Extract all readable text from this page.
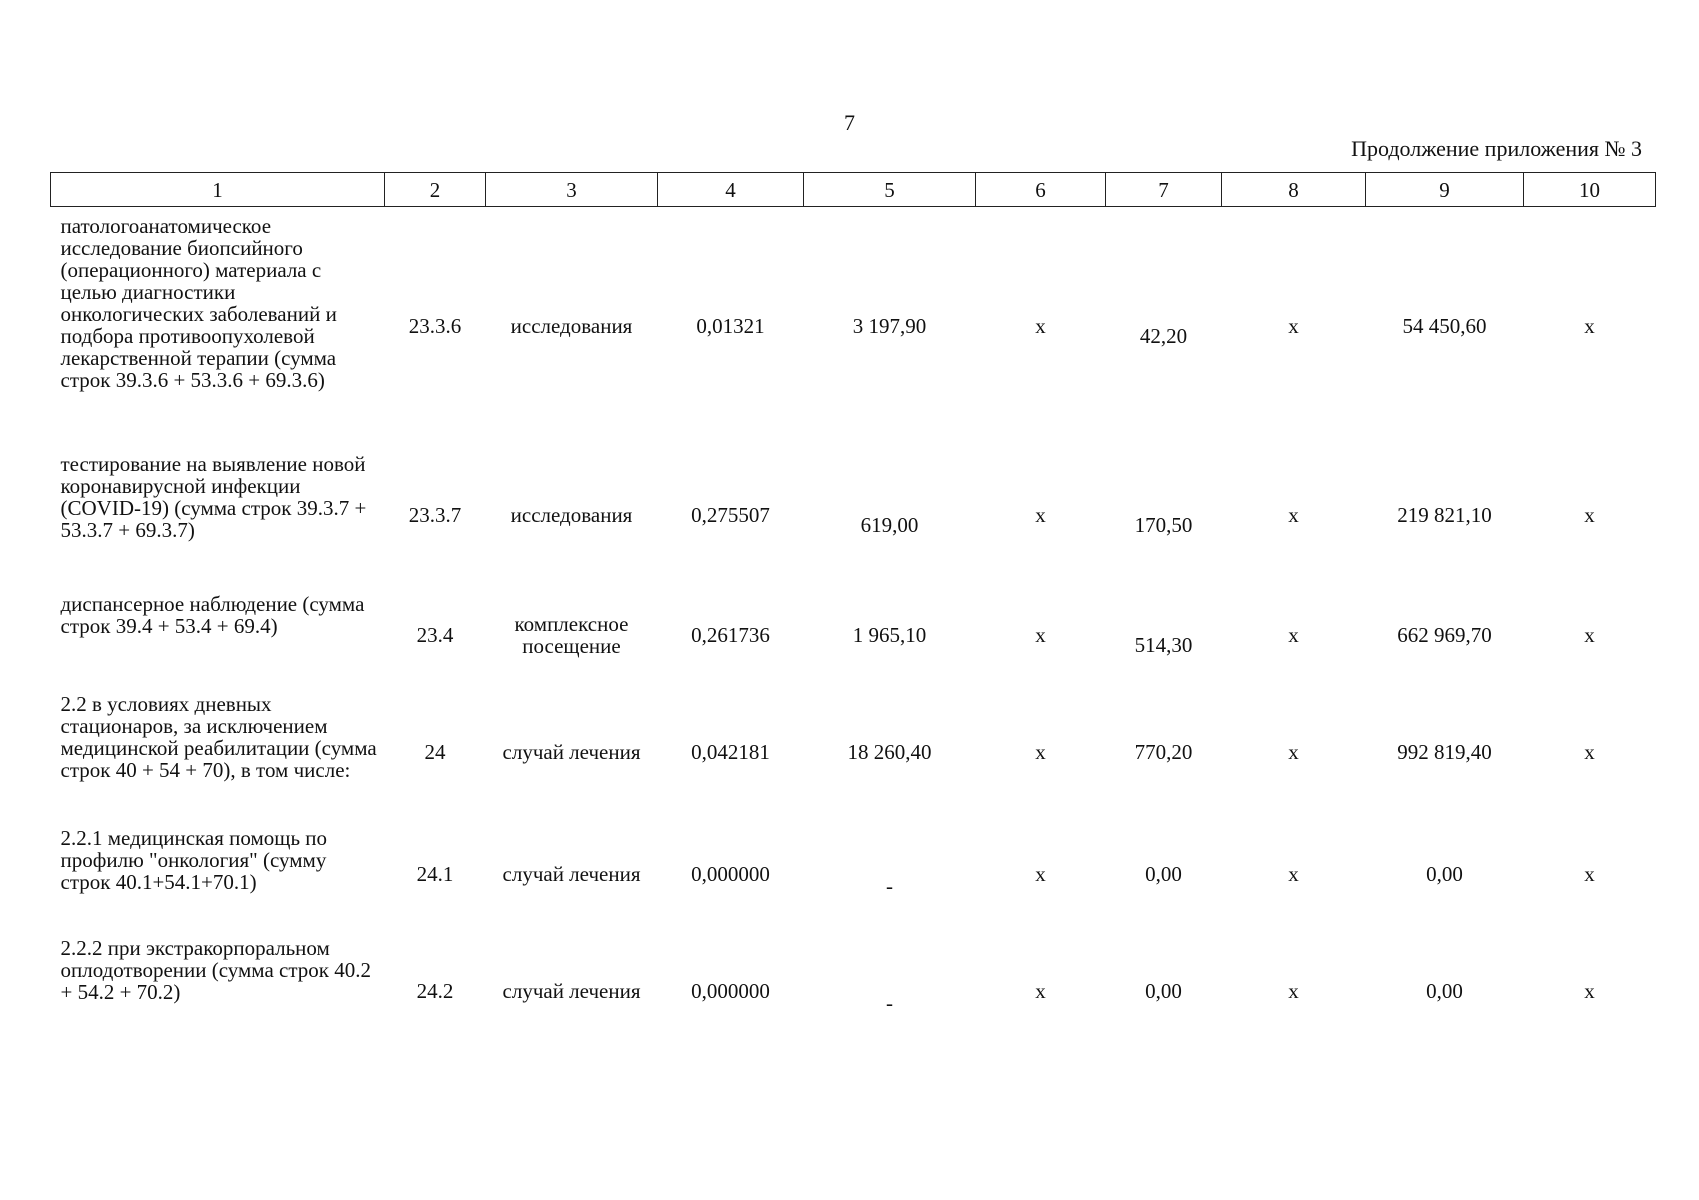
7
Продолжение приложения № 3
1	2	3	4	5	6	7	8	9	10
патологоанатомическое исследование биопсийного (операционного) материала с целью диагностики онкологических заболеваний и подбора противоопухолевой лекарственной терапии (сумма строк 39.3.6 + 53.3.6 + 69.3.6)	23.3.6	исследования	0,01321	3 197,90	x	42,20	x	54 450,60	x
тестирование на выявление новой коронавирусной инфекции (COVID-19) (сумма строк 39.3.7 + 53.3.7 + 69.3.7)	23.3.7	исследования	0,275507	619,00	x	170,50	x	219 821,10	x
диспансерное наблюдение (сумма строк 39.4 + 53.4 + 69.4)	23.4	комплексное посещение	0,261736	1 965,10	x	514,30	x	662 969,70	x
2.2 в условиях дневных стационаров, за исключением медицинской реабилитации (сумма строк 40 + 54 + 70), в том числе:	24	случай лечения	0,042181	18 260,40	x	770,20	x	992 819,40	x
2.2.1 медицинская помощь по профилю "онкология" (сумму строк 40.1+54.1+70.1)	24.1	случай лечения	0,000000	-	x	0,00	x	0,00	x
2.2.2 при экстракорпоральном оплодотворении (сумма строк 40.2 + 54.2 + 70.2)	24.2	случай лечения	0,000000	-	x	0,00	x	0,00	x
